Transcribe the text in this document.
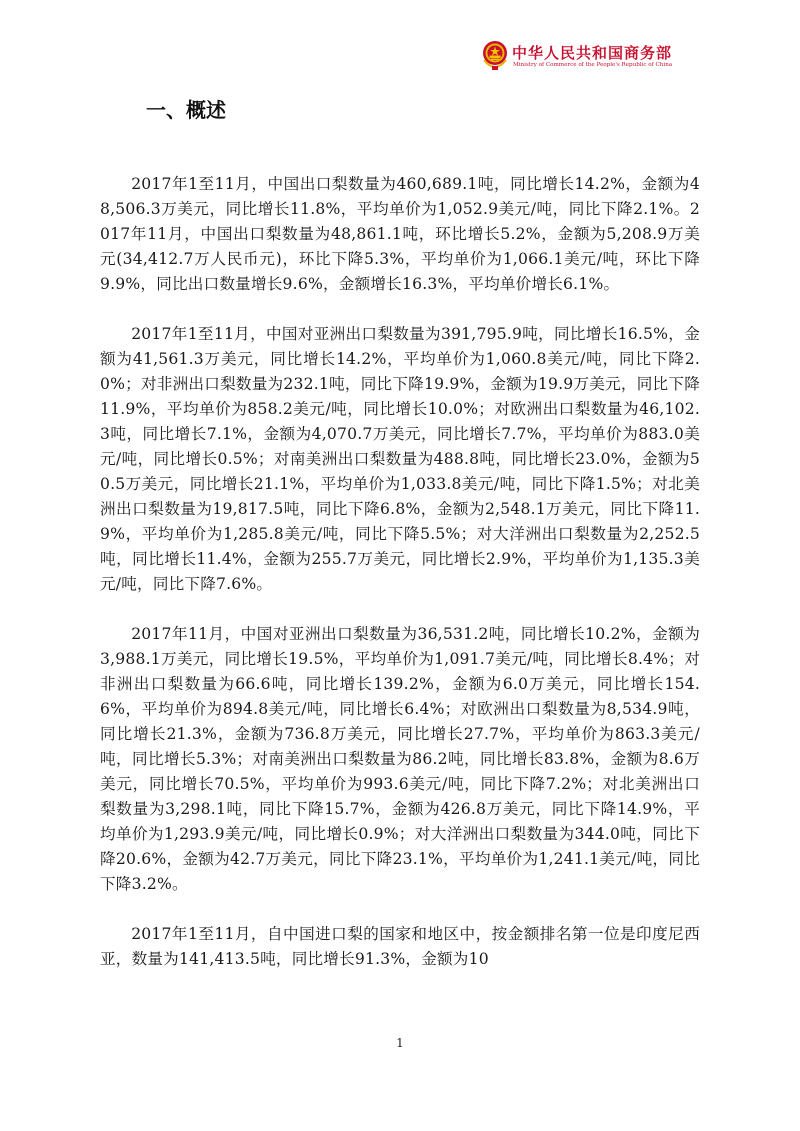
中华人民共和国商务部
Ministry of Commerce of the People's Republic of China
一、概述

2017年1至11月，中国出口梨数量为460,689.1吨，同比增长14.2%，金额为48,506.3万美元，同比增长11.8%，平均单价为1,052.9美元/吨，同比下降2.1%。2017年11月，中国出口梨数量为48,861.1吨，环比增长5.2%，金额为5,208.9万美元(34,412.7万人民币元)，环比下降5.3%，平均单价为1,066.1美元/吨，环比下降9.9%，同比出口数量增长9.6%，金额增长16.3%，平均单价增长6.1%。

2017年1至11月，中国对亚洲出口梨数量为391,795.9吨，同比增长16.5%，金额为41,561.3万美元，同比增长14.2%，平均单价为1,060.8美元/吨，同比下降2.0%；对非洲出口梨数量为232.1吨，同比下降19.9%，金额为19.9万美元，同比下降11.9%，平均单价为858.2美元/吨，同比增长10.0%；对欧洲出口梨数量为46,102.3吨，同比增长7.1%，金额为4,070.7万美元，同比增长7.7%，平均单价为883.0美元/吨，同比增长0.5%；对南美洲出口梨数量为488.8吨，同比增长23.0%，金额为50.5万美元，同比增长21.1%，平均单价为1,033.8美元/吨，同比下降1.5%；对北美洲出口梨数量为19,817.5吨，同比下降6.8%，金额为2,548.1万美元，同比下降11.9%，平均单价为1,285.8美元/吨，同比下降5.5%；对大洋洲出口梨数量为2,252.5吨，同比增长11.4%，金额为255.7万美元，同比增长2.9%，平均单价为1,135.3美元/吨，同比下降7.6%。

2017年11月，中国对亚洲出口梨数量为36,531.2吨，同比增长10.2%，金额为3,988.1万美元，同比增长19.5%，平均单价为1,091.7美元/吨，同比增长8.4%；对非洲出口梨数量为66.6吨，同比增长139.2%，金额为6.0万美元，同比增长154.6%，平均单价为894.8美元/吨，同比增长6.4%；对欧洲出口梨数量为8,534.9吨，同比增长21.3%，金额为736.8万美元，同比增长27.7%，平均单价为863.3美元/吨，同比增长5.3%；对南美洲出口梨数量为86.2吨，同比增长83.8%，金额为8.6万美元，同比增长70.5%，平均单价为993.6美元/吨，同比下降7.2%；对北美洲出口梨数量为3,298.1吨，同比下降15.7%，金额为426.8万美元，同比下降14.9%，平均单价为1,293.9美元/吨，同比增长0.9%；对大洋洲出口梨数量为344.0吨，同比下降20.6%，金额为42.7万美元，同比下降23.1%，平均单价为1,241.1美元/吨，同比下降3.2%。

2017年1至11月，自中国进口梨的国家和地区中，按金额排名第一位是印度尼西亚，数量为141,413.5吨，同比增长91.3%，金额为10

1
